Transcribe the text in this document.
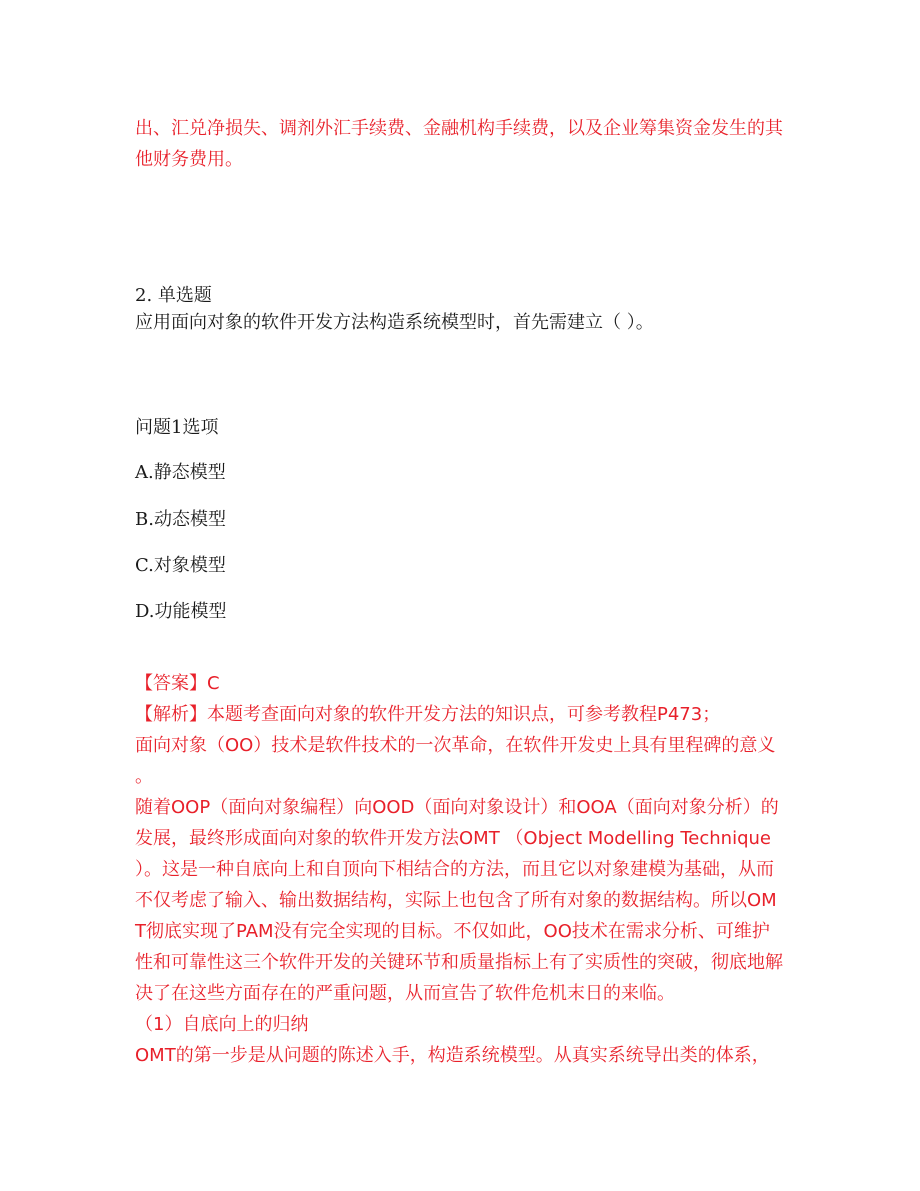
出、汇兑净损失、调剂外汇手续费、金融机构手续费，以及企业筹集资金发生的其
他财务费用。

2. 单选题

应用面向对象的软件开发方法构造系统模型时，首先需建立（ ）。

问题1选项

A.静态模型

B.动态模型

C.对象模型

D.功能模型

【答案】C
【解析】本题考查面向对象的软件开发方法的知识点，可参考教程P473；
面向对象（OO）技术是软件技术的一次革命，在软件开发史上具有里程碑的意义
。
随着OOP（面向对象编程）向OOD（面向对象设计）和OOA（面向对象分析）的
发展，最终形成面向对象的软件开发方法OMT （Object Modelling Technique
）。这是一种自底向上和自顶向下相结合的方法，而且它以对象建模为基础，从而
不仅考虑了输入、输出数据结构，实际上也包含了所有对象的数据结构。所以OM
T彻底实现了PAM没有完全实现的目标。不仅如此，OO技术在需求分析、可维护
性和可靠性这三个软件开发的关键环节和质量指标上有了实质性的突破，彻底地解
决了在这些方面存在的严重问题，从而宣告了软件危机末日的来临。
（1）自底向上的归纳
OMT的第一步是从问题的陈述入手，构造系统模型。从真实系统导出类的体系，
